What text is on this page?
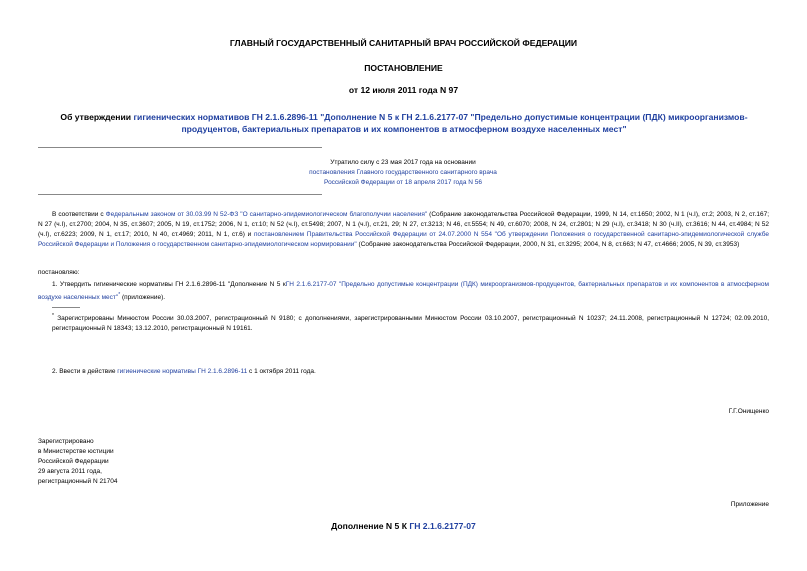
ГЛАВНЫЙ ГОСУДАРСТВЕННЫЙ САНИТАРНЫЙ ВРАЧ РОССИЙСКОЙ ФЕДЕРАЦИИ
ПОСТАНОВЛЕНИЕ
от 12 июля 2011 года N 97
Об утверждении гигиенических нормативов ГН 2.1.6.2896-11 "Дополнение N 5 к ГН 2.1.6.2177-07 "Предельно допустимые концентрации (ПДК) микроорганизмов-продуцентов, бактериальных препаратов и их компонентов в атмосферном воздухе населенных мест"
Утратило силу с 23 мая 2017 года на основании
постановления Главного государственного санитарного врача
Российской Федерации от 18 апреля 2017 года N 56
В соответствии с Федеральным законом от 30.03.99 N 52-ФЗ "О санитарно-эпидемиологическом благополучии населения" (Собрание законодательства Российской Федерации, 1999, N 14, ст.1650; 2002, N 1 (ч.I), ст.2; 2003, N 2, ст.167; N 27 (ч.I), ст.2700; 2004, N 35, ст.3607; 2005, N 19, ст.1752; 2006, N 1, ст.10; N 52 (ч.I), ст.5498; 2007, N 1 (ч.I), ст.21, 29; N 27, ст.3213; N 46, ст.5554; N 49, ст.6070; 2008, N 24, ст.2801; N 29 (ч.I), ст.3418; N 30 (ч.II), ст.3616; N 44, ст.4984; N 52 (ч.I), ст.6223; 2009, N 1, ст.17; 2010, N 40, ст.4969; 2011, N 1, ст.6) и постановлением Правительства Российской Федерации от 24.07.2000 N 554 "Об утверждении Положения о государственной санитарно-эпидемиологической службе Российской Федерации и Положения о государственном санитарно-эпидемиологическом нормировании" (Собрание законодательства Российской Федерации, 2000, N 31, ст.3295; 2004, N 8, ст.663; N 47, ст.4666; 2005, N 39, ст.3953)
постановляю:
1. Утвердить гигиенические нормативы ГН 2.1.6.2896-11 "Дополнение N 5 кГН 2.1.6.2177-07 "Предельно допустимые концентрации (ПДК) микроорганизмов-продуцентов, бактериальных препаратов и их компонентов в атмосферном воздухе населенных мест"* (приложение).
* Зарегистрированы Минюстом России 30.03.2007, регистрационный N 9180; с дополнениями, зарегистрированными Минюстом России 03.10.2007, регистрационный N 10237; 24.11.2008, регистрационный N 12724; 02.09.2010, регистрационный N 18343; 13.12.2010, регистрационный N 19161.
2. Ввести в действие гигиенические нормативы ГН 2.1.6.2896-11 с 1 октября 2011 года.
Г.Г.Онищенко
Зарегистрировано
в Министерстве юстиции
Российской Федерации
29 августа 2011 года,
регистрационный N 21704
Приложение
Дополнение N 5 К ГН 2.1.6.2177-07
